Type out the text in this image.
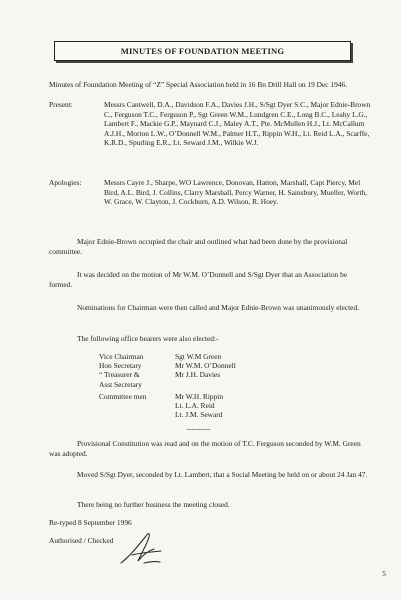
MINUTES OF FOUNDATION MEETING
Minutes of Foundation Meeting of “Z” Special Association held in 16 Bn Drill Hall on 19 Dec 1946.
Present:	Messrs Cantwell, D.A., Davidson F.A., Davies J.H., S/Sgt Dyer S.C., Major Ednie-Brown C., Ferguson T.C., Ferguson P., Sgt Green W.M., Lundgren C.E., Long B.C., Leahy L.G., Lambert F., Mackie G.P., Maynard C.J., Maley A.T., Pte. McMullen H.J., Lt. McCallum A.J.H., Morton L.W., O’Donnell W.M., Palmer H.T., Rippin W.H., Lt. Reid L.A., Scarffe, K.R.D., Spurling E.R., Lt. Seward J.M., Wilkie W.J.
Apologies:	Messrs Cayre J., Sharpe, WO Lawrence, Donovan, Hatton, Marshall, Capt Piercy, Mel Bird, A.L. Bird, J. Collins, Clarry Marshall, Percy Warner, H. Sainsbury, Mueller, Worth, W. Grace, W. Clayton, J. Cockburn, A.D. Wilson, R. Hoey.
Major Ednie-Brown occupied the chair and outlined what had been done by the provisional committee.
It was decided on the motion of Mr W.M. O’Donnell and S/Sgt Dyer that an Association be formed.
Nominations for Chairman were then called and Major Ednie-Brown was unanimously elected.
The following office bearers were also elected:-
Vice Chairman	Sgt W.M Green
Hon Secretary	Mr W.M. O’Donnell
“ Treasurer &	Mr J.H. Davies
Asst Secretary
Committee men	Mr W.H. Rippin
Lt. L.A. Reid
Lt. J.M. Seward
----------
Provisional Constitution was read and on the motion of T.C. Ferguson seconded by W.M. Green was adopted.
Moved S/Sgt Dyer, seconded by Lt. Lambert, that a Social Meeting be held on or about 24 Jan 47.
There being no further business the meeting closed.
Re-typed 8 September 1996
Authorised / Checked
5
